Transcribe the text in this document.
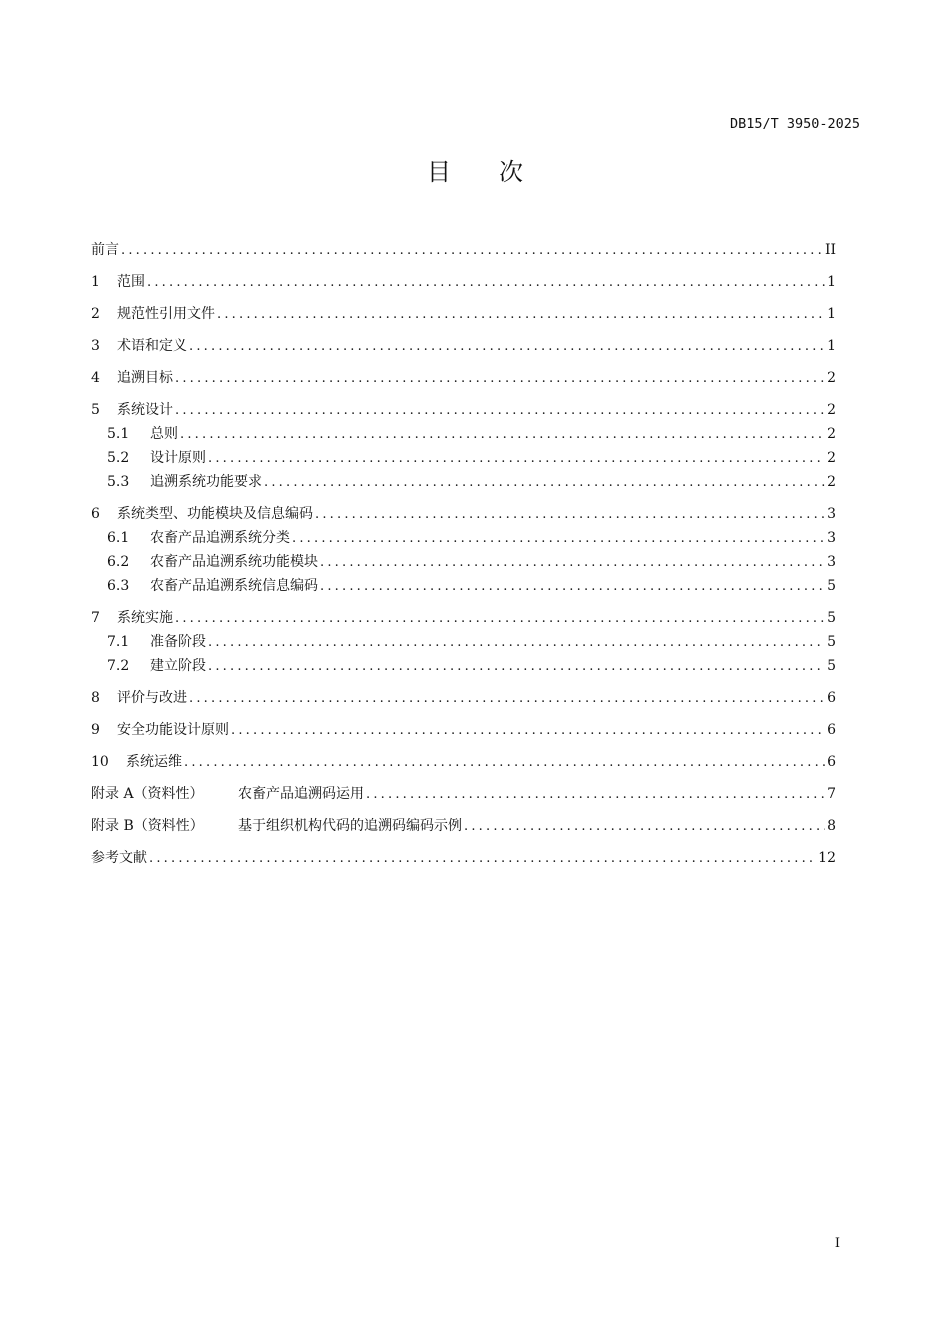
DB15/T 3950-2025
目 次
前言 .....	II
1	范围 .....	1
2	规范性引用文件 .....	1
3	术语和定义 .....	1
4	追溯目标 .....	2
5	系统设计 .....	2
5.1	总则 .....	2
5.2	设计原则 .....	2
5.3	追溯系统功能要求 .....	2
6	系统类型、功能模块及信息编码 .....	3
6.1	农畜产品追溯系统分类 .....	3
6.2	农畜产品追溯系统功能模块 .....	3
6.3	农畜产品追溯系统信息编码 .....	5
7	系统实施 .....	5
7.1	准备阶段 .....	5
7.2	建立阶段 .....	5
8	评价与改进 .....	6
9	安全功能设计原则 .....	6
10	系统运维 .....	6
附录 A（资料性）	农畜产品追溯码运用 .....	7
附录 B（资料性）	基于组织机构代码的追溯码编码示例 .....	8
参考文献 .....	12
I
